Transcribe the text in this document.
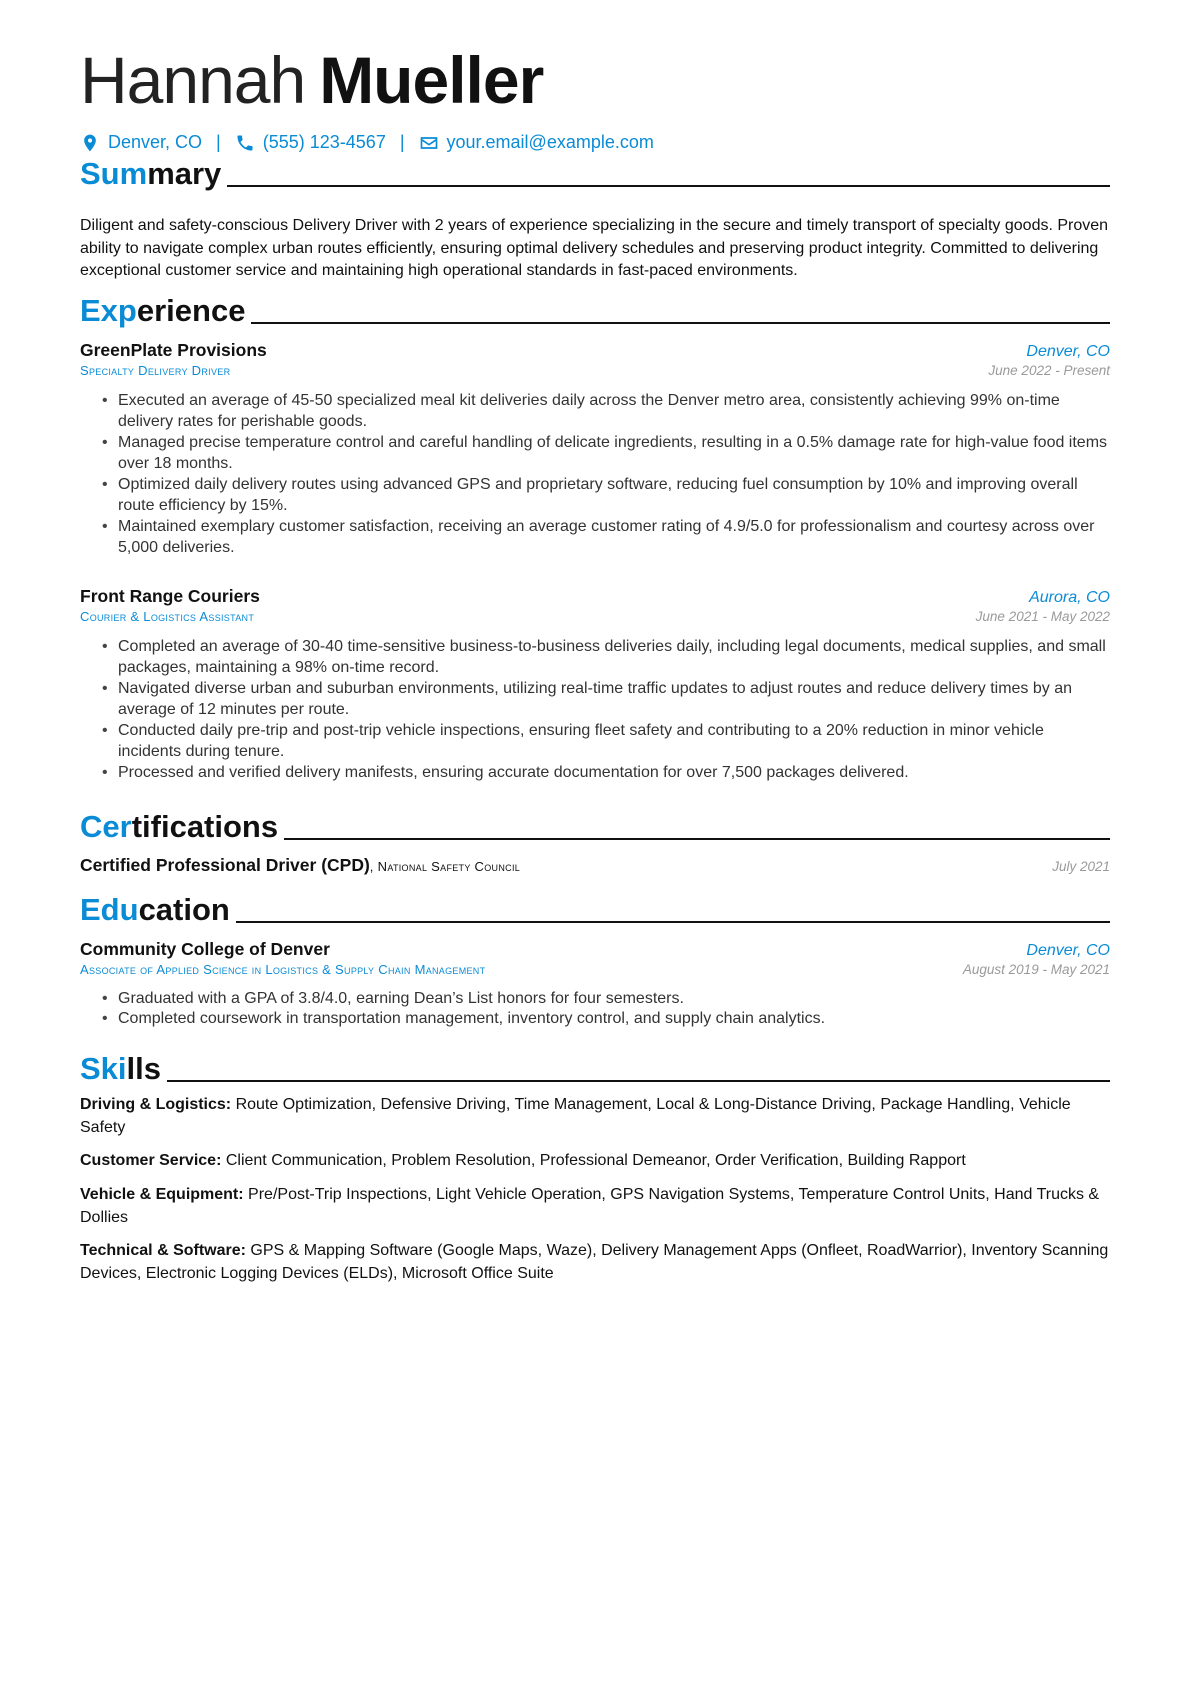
Hannah Mueller
Denver, CO | (555) 123-4567 | your.email@example.com
Summary
Diligent and safety-conscious Delivery Driver with 2 years of experience specializing in the secure and timely transport of specialty goods. Proven ability to navigate complex urban routes efficiently, ensuring optimal delivery schedules and preserving product integrity. Committed to delivering exceptional customer service and maintaining high operational standards in fast-paced environments.
Experience
GreenPlate Provisions	Denver, CO
Specialty Delivery Driver	June 2022 - Present
• Executed an average of 45-50 specialized meal kit deliveries daily across the Denver metro area, consistently achieving 99% on-time delivery rates for perishable goods.
• Managed precise temperature control and careful handling of delicate ingredients, resulting in a 0.5% damage rate for high-value food items over 18 months.
• Optimized daily delivery routes using advanced GPS and proprietary software, reducing fuel consumption by 10% and improving overall route efficiency by 15%.
• Maintained exemplary customer satisfaction, receiving an average customer rating of 4.9/5.0 for professionalism and courtesy across over 5,000 deliveries.
Front Range Couriers	Aurora, CO
Courier & Logistics Assistant	June 2021 - May 2022
• Completed an average of 30-40 time-sensitive business-to-business deliveries daily, including legal documents, medical supplies, and small packages, maintaining a 98% on-time record.
• Navigated diverse urban and suburban environments, utilizing real-time traffic updates to adjust routes and reduce delivery times by an average of 12 minutes per route.
• Conducted daily pre-trip and post-trip vehicle inspections, ensuring fleet safety and contributing to a 20% reduction in minor vehicle incidents during tenure.
• Processed and verified delivery manifests, ensuring accurate documentation for over 7,500 packages delivered.
Certifications
Certified Professional Driver (CPD), National Safety Council	July 2021
Education
Community College of Denver	Denver, CO
Associate of Applied Science in Logistics & Supply Chain Management	August 2019 - May 2021
• Graduated with a GPA of 3.8/4.0, earning Dean’s List honors for four semesters.
• Completed coursework in transportation management, inventory control, and supply chain analytics.
Skills
Driving & Logistics: Route Optimization, Defensive Driving, Time Management, Local & Long-Distance Driving, Package Handling, Vehicle Safety
Customer Service: Client Communication, Problem Resolution, Professional Demeanor, Order Verification, Building Rapport
Vehicle & Equipment: Pre/Post-Trip Inspections, Light Vehicle Operation, GPS Navigation Systems, Temperature Control Units, Hand Trucks & Dollies
Technical & Software: GPS & Mapping Software (Google Maps, Waze), Delivery Management Apps (Onfleet, RoadWarrior), Inventory Scanning Devices, Electronic Logging Devices (ELDs), Microsoft Office Suite
